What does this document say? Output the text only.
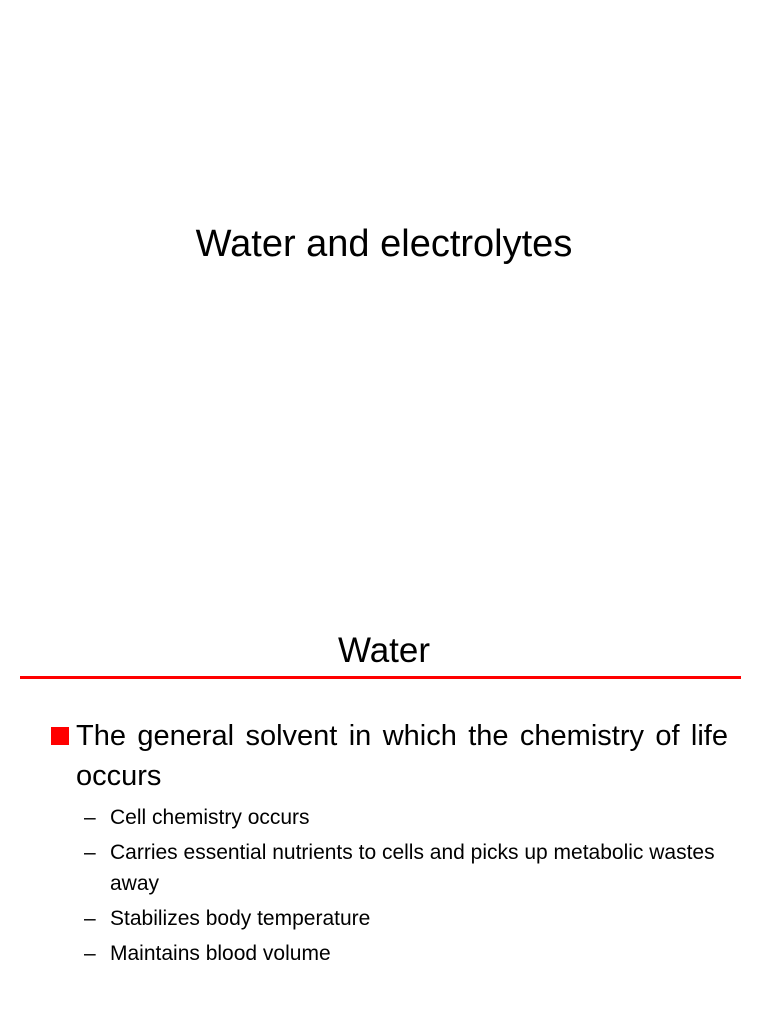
Water and electrolytes
Water
The general solvent in which the chemistry of life occurs
– Cell chemistry occurs
– Carries essential nutrients to cells and picks up metabolic wastes away
– Stabilizes body temperature
– Maintains blood volume
